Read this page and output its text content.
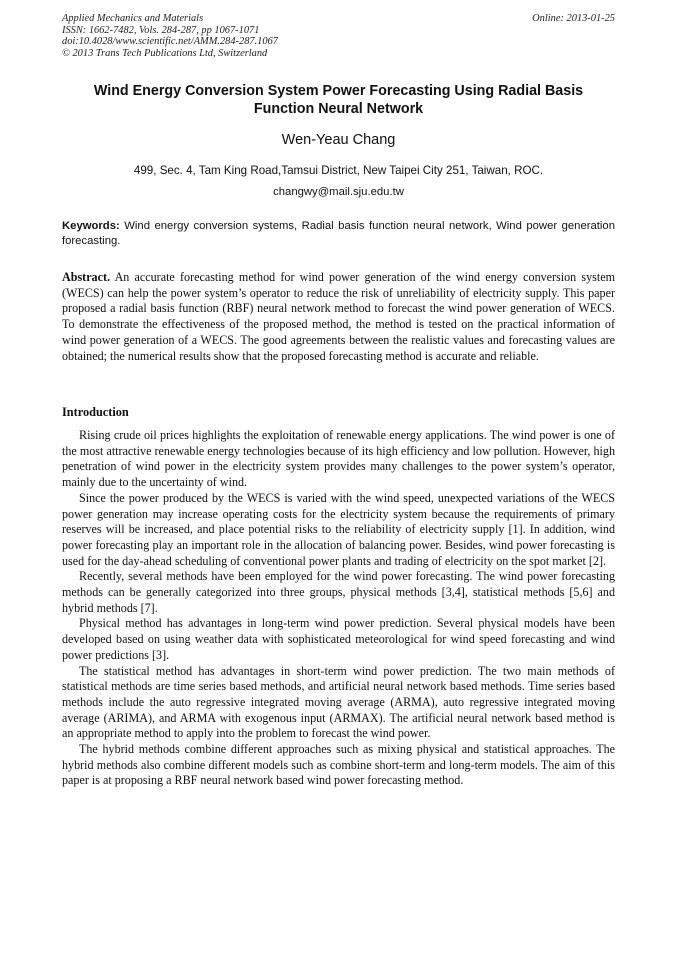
Applied Mechanics and Materials
ISSN: 1662-7482, Vols. 284-287, pp 1067-1071
doi:10.4028/www.scientific.net/AMM.284-287.1067
© 2013 Trans Tech Publications Ltd, Switzerland
Online: 2013-01-25
Wind Energy Conversion System Power Forecasting Using Radial Basis Function Neural Network
Wen-Yeau Chang
499, Sec. 4, Tam King Road,Tamsui District, New Taipei City 251, Taiwan, ROC.
changwy@mail.sju.edu.tw
Keywords: Wind energy conversion systems, Radial basis function neural network, Wind power generation forecasting.
Abstract. An accurate forecasting method for wind power generation of the wind energy conversion system (WECS) can help the power system’s operator to reduce the risk of unreliability of electricity supply. This paper proposed a radial basis function (RBF) neural network method to forecast the wind power generation of WECS. To demonstrate the effectiveness of the proposed method, the method is tested on the practical information of wind power generation of a WECS. The good agreements between the realistic values and forecasting values are obtained; the numerical results show that the proposed forecasting method is accurate and reliable.
Introduction

Rising crude oil prices highlights the exploitation of renewable energy applications. The wind power is one of the most attractive renewable energy technologies because of its high efficiency and low pollution. However, high penetration of wind power in the electricity system provides many challenges to the power system’s operator, mainly due to the uncertainty of wind.

Since the power produced by the WECS is varied with the wind speed, unexpected variations of the WECS power generation may increase operating costs for the electricity system because the requirements of primary reserves will be increased, and place potential risks to the reliability of electricity supply [1]. In addition, wind power forecasting play an important role in the allocation of balancing power. Besides, wind power forecasting is used for the day-ahead scheduling of conventional power plants and trading of electricity on the spot market [2].

Recently, several methods have been employed for the wind power forecasting. The wind power forecasting methods can be generally categorized into three groups, physical methods [3,4], statistical methods [5,6] and hybrid methods [7].

Physical method has advantages in long-term wind power prediction. Several physical models have been developed based on using weather data with sophisticated meteorological for wind speed forecasting and wind power predictions [3].

The statistical method has advantages in short-term wind power prediction. The two main methods of statistical methods are time series based methods, and artificial neural network based methods. Time series based methods include the auto regressive integrated moving average (ARMA), auto regressive integrated moving average (ARIMA), and ARMA with exogenous input (ARMAX). The artificial neural network based method is an appropriate method to apply into the problem to forecast the wind power.

The hybrid methods combine different approaches such as mixing physical and statistical approaches. The hybrid methods also combine different models such as combine short-term and long-term models. The aim of this paper is at proposing a RBF neural network based wind power forecasting method.
